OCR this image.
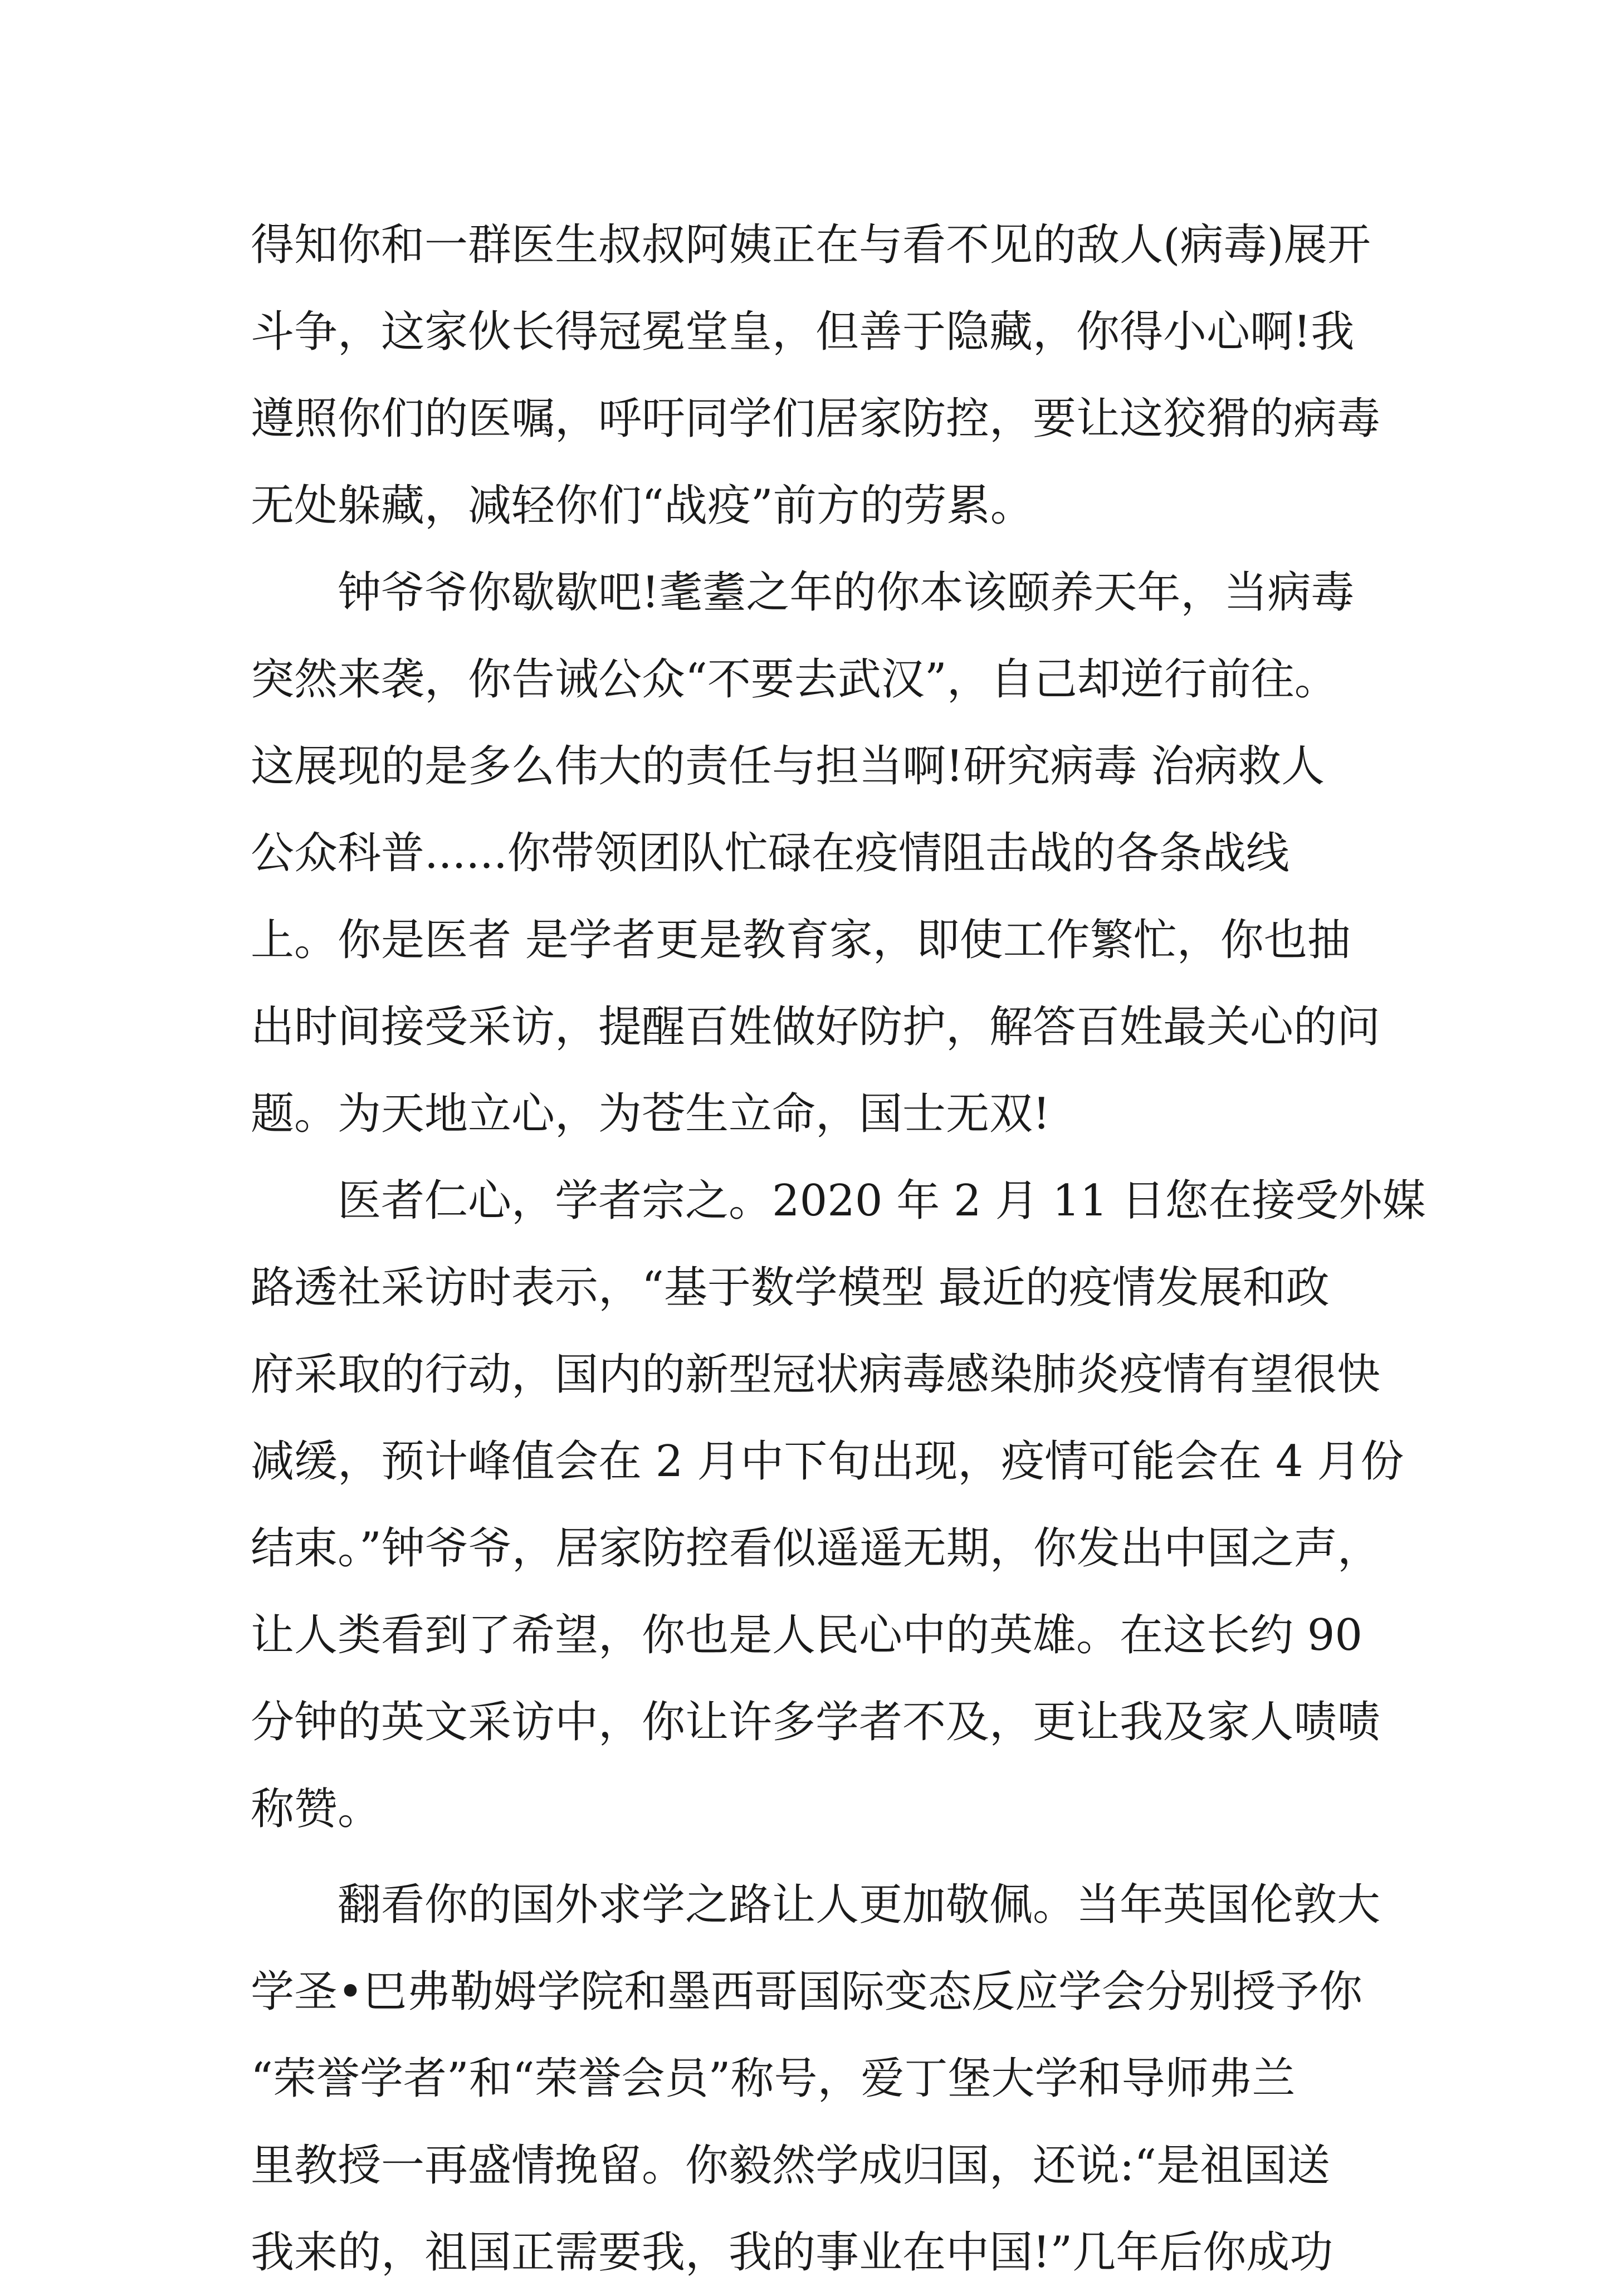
得知你和一群医生叔叔阿姨正在与看不见的敌人(病毒)展开
斗争，这家伙长得冠冕堂皇，但善于隐藏，你得小心啊!我
遵照你们的医嘱，呼吁同学们居家防控，要让这狡猾的病毒
无处躲藏，减轻你们“战疫”前方的劳累。
钟爷爷你歇歇吧!耄耋之年的你本该颐养天年，当病毒
突然来袭，你告诫公众“不要去武汉”，自己却逆行前往。
这展现的是多么伟大的责任与担当啊!研究病毒 治病救人
公众科普......你带领团队忙碌在疫情阻击战的各条战线
上。你是医者 是学者更是教育家，即使工作繁忙，你也抽
出时间接受采访，提醒百姓做好防护，解答百姓最关心的问
题。为天地立心，为苍生立命，国士无双!
医者仁心，学者宗之。2020 年 2 月 11 日您在接受外媒
路透社采访时表示，“基于数学模型 最近的疫情发展和政
府采取的行动，国内的新型冠状病毒感染肺炎疫情有望很快
减缓，预计峰值会在 2 月中下旬出现，疫情可能会在 4 月份
结束。”钟爷爷，居家防控看似遥遥无期，你发出中国之声，
让人类看到了希望，你也是人民心中的英雄。在这长约 90
分钟的英文采访中，你让许多学者不及，更让我及家人啧啧
称赞。
翻看你的国外求学之路让人更加敬佩。当年英国伦敦大
学圣•巴弗勒姆学院和墨西哥国际变态反应学会分别授予你
“荣誉学者”和“荣誉会员”称号，爱丁堡大学和导师弗兰
里教授一再盛情挽留。你毅然学成归国，还说:“是祖国送
我来的，祖国正需要我，我的事业在中国!”几年后你成功
